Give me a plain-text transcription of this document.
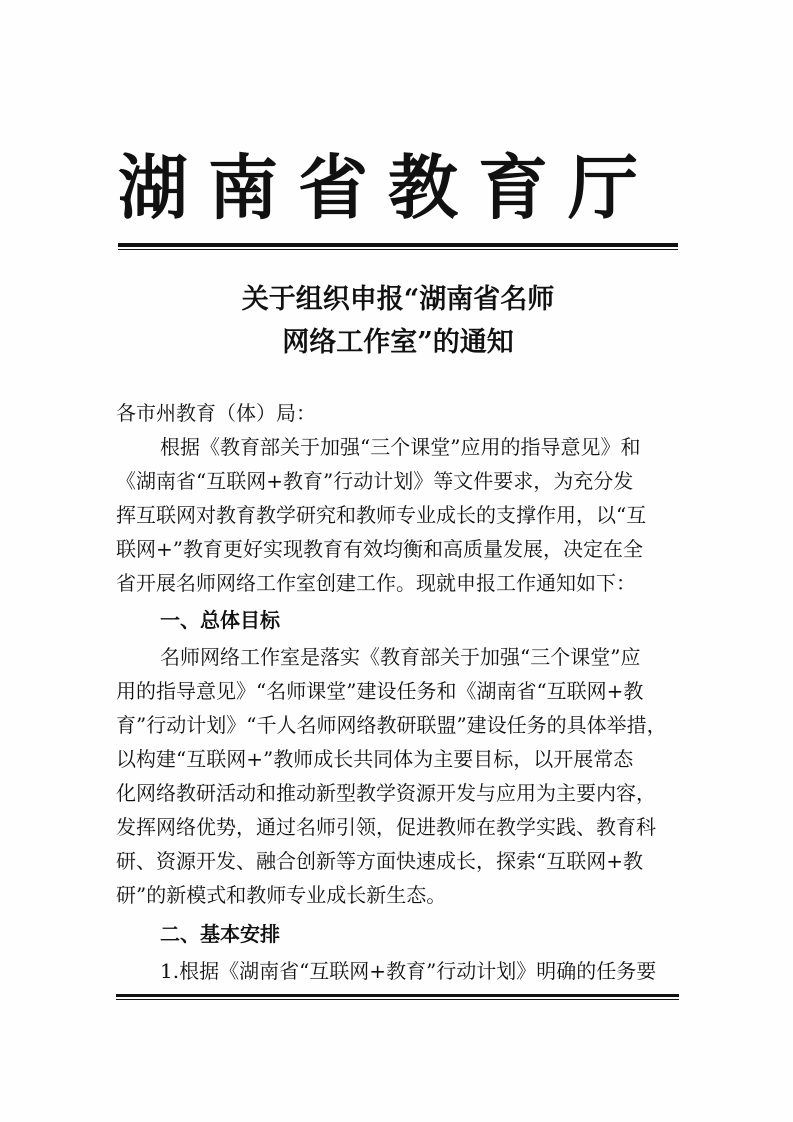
湖南省教育厅
关于组织申报“湖南省名师
网络工作室”的通知
各市州教育（体）局：
根据《教育部关于加强“三个课堂”应用的指导意见》和
《湖南省“互联网+教育”行动计划》等文件要求，为充分发
挥互联网对教育教学研究和教师专业成长的支撑作用，以“互
联网+”教育更好实现教育有效均衡和高质量发展，决定在全
省开展名师网络工作室创建工作。现就申报工作通知如下：
一、总体目标
名师网络工作室是落实《教育部关于加强“三个课堂”应
用的指导意见》“名师课堂”建设任务和《湖南省“互联网+教
育”行动计划》“千人名师网络教研联盟”建设任务的具体举措，
以构建“互联网+”教师成长共同体为主要目标，以开展常态
化网络教研活动和推动新型教学资源开发与应用为主要内容，
发挥网络优势，通过名师引领，促进教师在教学实践、教育科
研、资源开发、融合创新等方面快速成长，探索“互联网+教
研”的新模式和教师专业成长新生态。
二、基本安排
1.根据《湖南省“互联网+教育”行动计划》明确的任务要
